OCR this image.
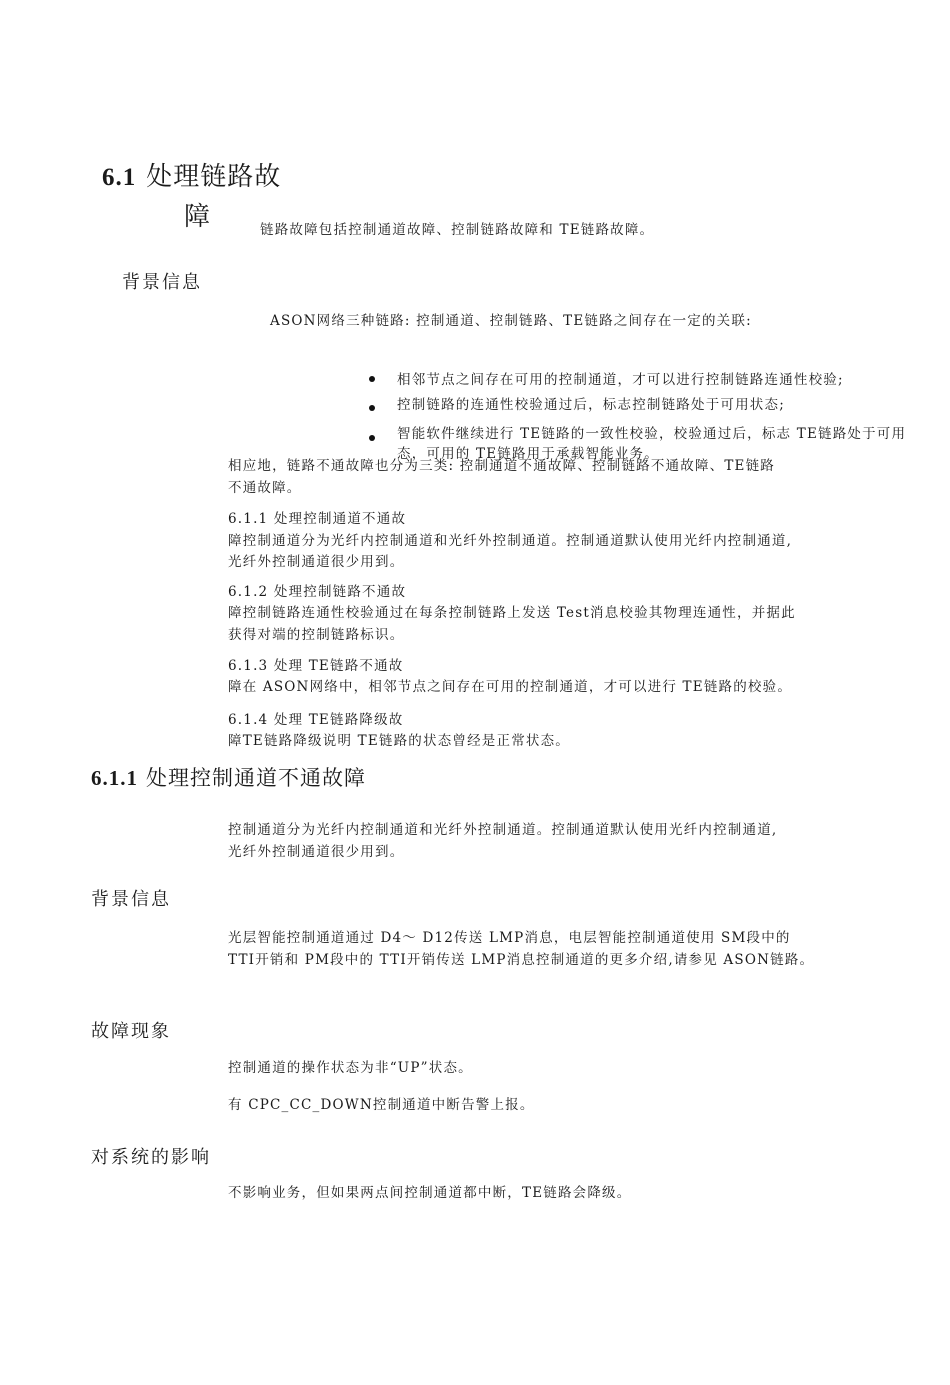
6.1 处理链路故
障	链路故障包括控制通道故障、控制链路故障和 TE链路故障。
背景信息
ASON网络三种链路: 控制通道、控制链路、TE链路之间存在一定的关联:
相邻节点之间存在可用的控制通道，才可以进行控制链路连通性校验;
控制链路的连通性校验通过后，标志控制链路处于可用状态;
智能软件继续进行 TE链路的一致性校验，校验通过后，标志 TE链路处于可用
态，可用的 TE链路用于承载智能业务。
相应地，链路不通故障也分为三类: 控制通道不通故障、控制链路不通故障、TE链路
不通故障。
6.1.1 处理控制通道不通故
障控制通道分为光纤内控制通道和光纤外控制通道。控制通道默认使用光纤内控制通道,
光纤外控制通道很少用到。
6.1.2 处理控制链路不通故
障控制链路连通性校验通过在每条控制链路上发送 Test消息校验其物理连通性，并据此
获得对端的控制链路标识。
6.1.3 处理 TE链路不通故
障在 ASON网络中，相邻节点之间存在可用的控制通道，才可以进行 TE链路的校验。
6.1.4 处理 TE链路降级故
障TE链路降级说明 TE链路的状态曾经是正常状态。
6.1.1 处理控制通道不通故障
控制通道分为光纤内控制通道和光纤外控制通道。控制通道默认使用光纤内控制通道,
光纤外控制通道很少用到。
背景信息
光层智能控制通道通过 D4～ D12传送 LMP消息，电层智能控制通道使用 SM段中的
TTI开销和 PM段中的 TTI开销传送 LMP消息控制通道的更多介绍,请参见 ASON链路。
故障现象
控制通道的操作状态为非“UP”状态。
有 CPC_CC_DOWN控制通道中断告警上报。
对系统的影响
不影响业务，但如果两点间控制通道都中断，TE链路会降级。
